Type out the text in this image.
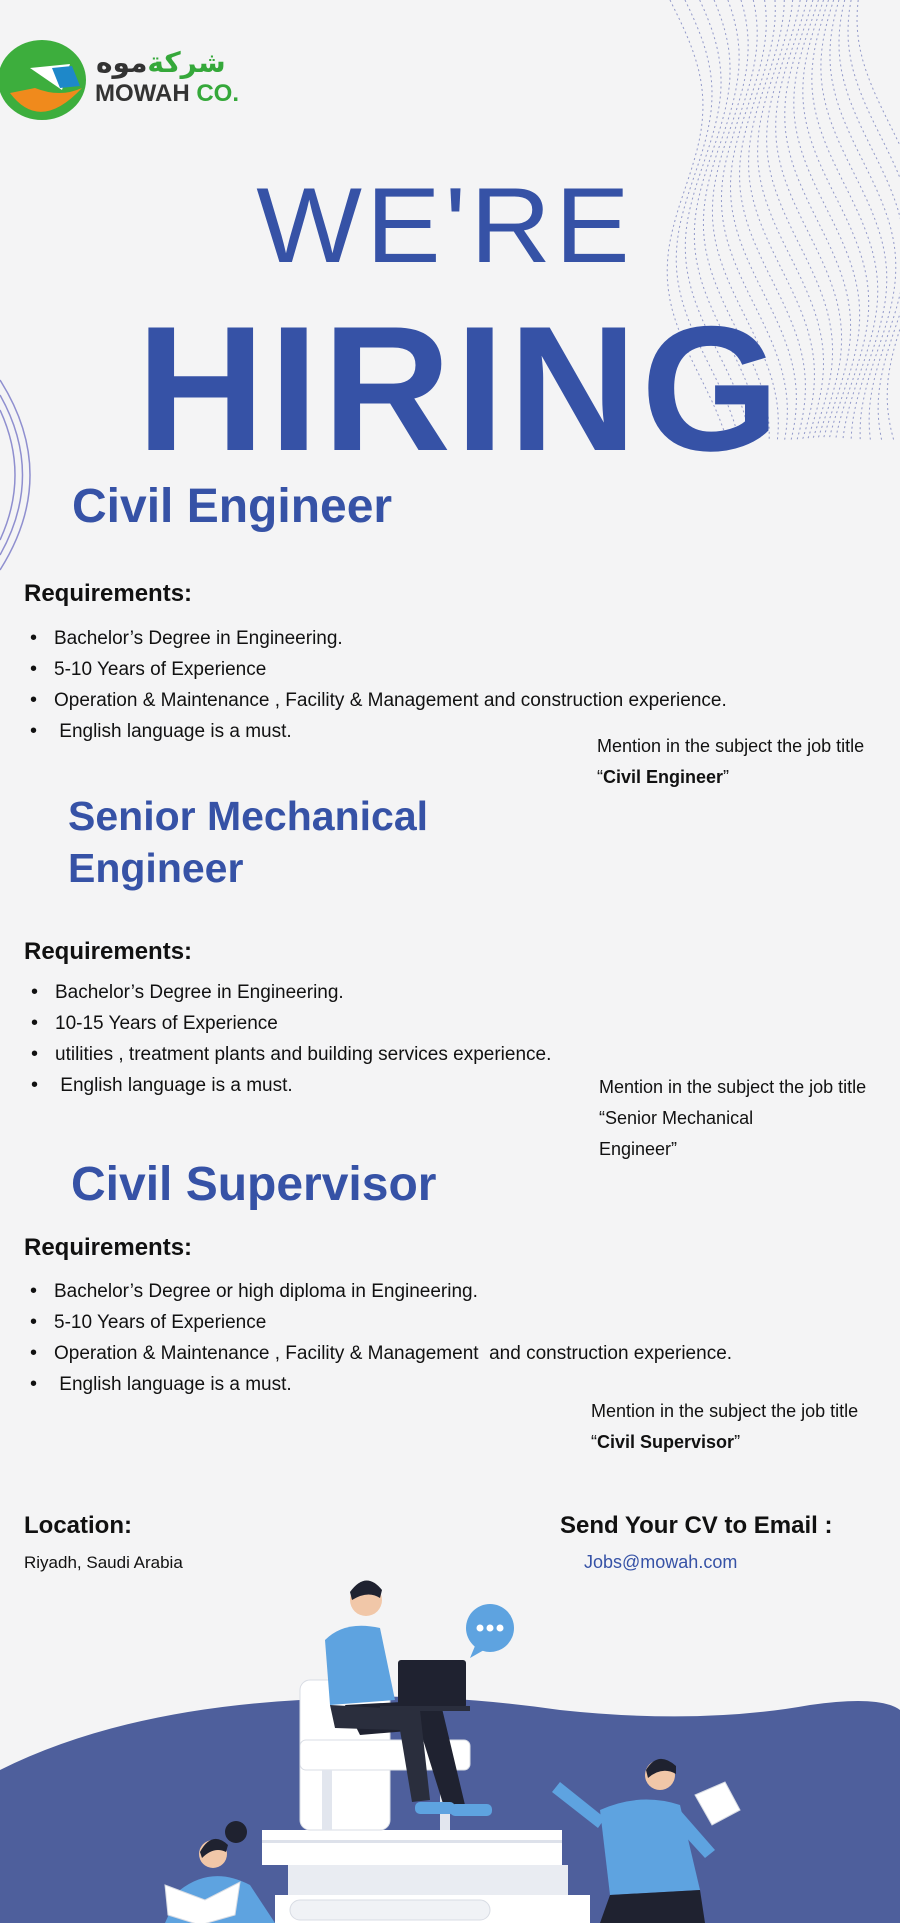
شركةموه
MOWAH CO.
WE'RE
HIRING
Civil Engineer
Requirements:
• Bachelor’s Degree in Engineering.
• 5-10 Years of Experience
• Operation & Maintenance , Facility & Management and construction experience.
•  English language is a must.
Mention in the subject the job title
“Civil Engineer”
Senior Mechanical
Engineer
Requirements:
• Bachelor’s Degree in Engineering.
• 10-15 Years of Experience
• utilities , treatment plants and building services experience.
•  English language is a must.	Mention in the subject the job title
“Senior Mechanical
Engineer”
Civil Supervisor
Requirements:
• Bachelor’s Degree or high diploma in Engineering.
• 5-10 Years of Experience
• Operation & Maintenance , Facility & Management  and construction experience.
•  English language is a must.
Mention in the subject the job title
“Civil Supervisor”
Location:
Riyadh, Saudi Arabia
Send Your CV to Email :
Jobs@mowah.com
